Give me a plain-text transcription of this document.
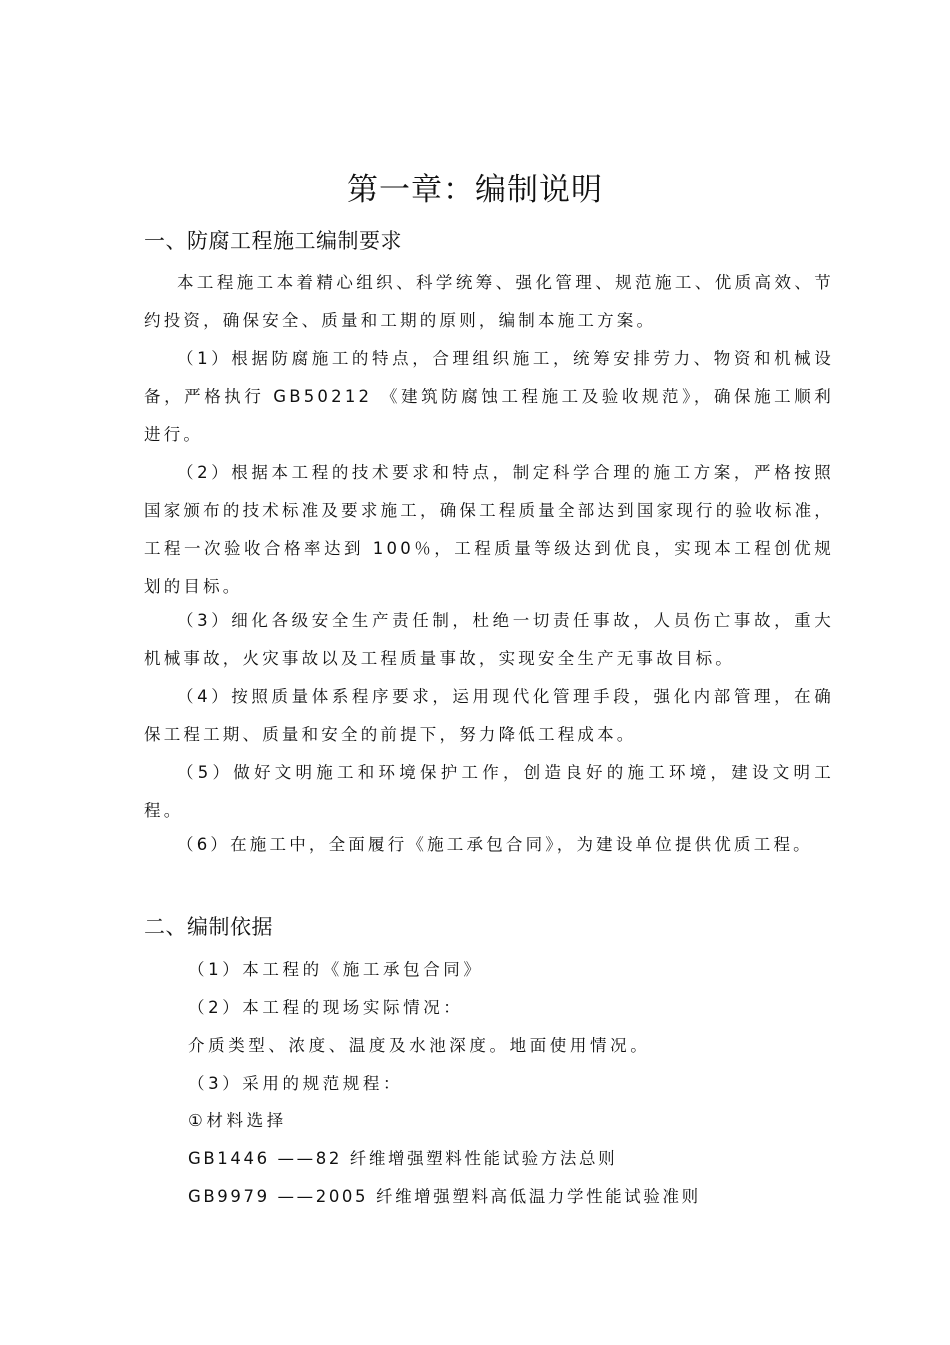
第一章：编制说明
一、防腐工程施工编制要求
本工程施工本着精心组织、科学统筹、强化管理、规范施工、优质高效、节约投资，确保安全、质量和工期的原则，编制本施工方案。
（1）根据防腐施工的特点，合理组织施工，统筹安排劳力、物资和机械设备，严格执行 GB50212 《建筑防腐蚀工程施工及验收规范》，确保施工顺利进行。
（2）根据本工程的技术要求和特点，制定科学合理的施工方案，严格按照国家颁布的技术标准及要求施工，确保工程质量全部达到国家现行的验收标准，工程一次验收合格率达到 100％，工程质量等级达到优良，实现本工程创优规划的目标。
（3）细化各级安全生产责任制，杜绝一切责任事故，人员伤亡事故，重大机械事故，火灾事故以及工程质量事故，实现安全生产无事故目标。
（4）按照质量体系程序要求，运用现代化管理手段，强化内部管理，在确保工程工期、质量和安全的前提下，努力降低工程成本。
（5）做好文明施工和环境保护工作，创造良好的施工环境，建设文明工程。
（6）在施工中，全面履行《施工承包合同》，为建设单位提供优质工程。
二、编制依据
（1）本工程的《施工承包合同》
（2）本工程的现场实际情况：
介质类型、浓度、温度及水池深度。地面使用情况。
（3）采用的规范规程：
①材料选择
GB1446 ——82 纤维增强塑料性能试验方法总则
GB9979 ——2005 纤维增强塑料高低温力学性能试验准则
